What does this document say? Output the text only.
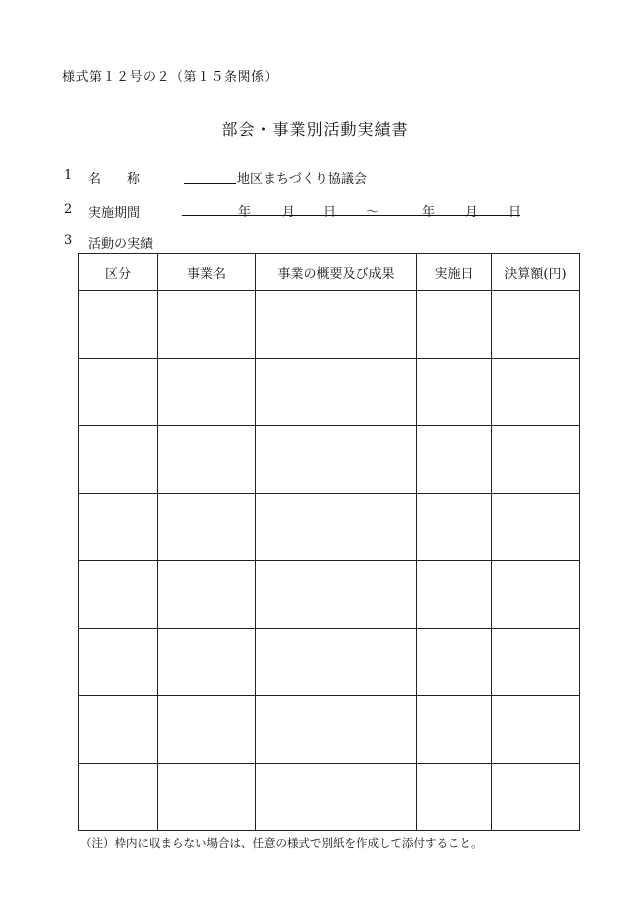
様式第１２号の２（第１５条関係）
部会・事業別活動実績書
1 名　　称	地区まちづくり協議会
2 実施期間	年 月 日 ～	年 月 日
3 活動の実績
区分	事業名	事業の概要及び成果	実施日	決算額(円)

（注）枠内に収まらない場合は、任意の様式で別紙を作成して添付すること。
